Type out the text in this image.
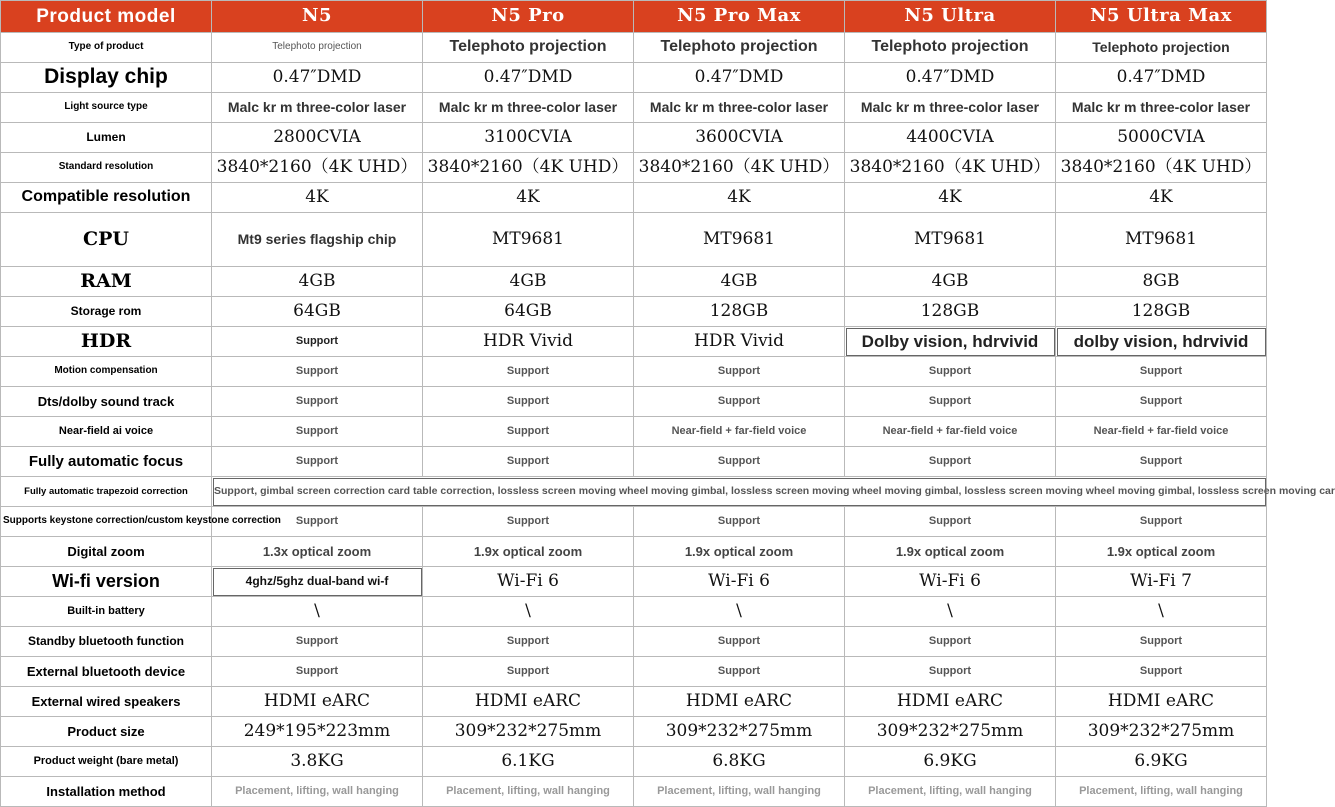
Product model	N5	N5 Pro	N5 Pro Max	N5 Ultra	N5 Ultra Max
Type of product	Telephoto projection	Telephoto projection	Telephoto projection	Telephoto projection	Telephoto projection
Display chip	0.47″DMD	0.47″DMD	0.47″DMD	0.47″DMD	0.47″DMD
Light source type	Malc kr m three-color laser	Malc kr m three-color laser	Malc kr m three-color laser	Malc kr m three-color laser	Malc kr m three-color laser
Lumen	2800CVIA	3100CVIA	3600CVIA	4400CVIA	5000CVIA
Standard resolution	3840*2160（4K UHD）	3840*2160（4K UHD）	3840*2160（4K UHD）	3840*2160（4K UHD）	3840*2160（4K UHD）
Compatible resolution	4K	4K	4K	4K	4K
CPU	Mt9 series flagship chip	MT9681	MT9681	MT9681	MT9681
RAM	4GB	4GB	4GB	4GB	8GB
Storage rom	64GB	64GB	128GB	128GB	128GB
HDR	Support	HDR Vivid	HDR Vivid	Dolby vision, hdrvivid	dolby vision, hdrvivid
Motion compensation	Support	Support	Support	Support	Support
Dts/dolby sound track	Support	Support	Support	Support	Support
Near-field ai voice	Support	Support	Near-field + far-field voice	Near-field + far-field voice	Near-field + far-field voice
Fully automatic focus	Support	Support	Support	Support	Support
Fully automatic trapezoid correction	Support, gimbal screen correction card table correction, lossless screen moving wheel moving gimbal, lossless screen moving wheel moving gimbal, lossless screen moving wheel moving gimbal, lossless screen moving car				
Supports keystone correction/custom keystone correction	Support	Support	Support	Support	Support
Digital zoom	1.3x optical zoom	1.9x optical zoom	1.9x optical zoom	1.9x optical zoom	1.9x optical zoom
Wi-fi version	4ghz/5ghz dual-band wi-f	Wi-Fi 6	Wi-Fi 6	Wi-Fi 6	Wi-Fi 7
Built-in battery	\	\	\	\	\
Standby bluetooth function	Support	Support	Support	Support	Support
External bluetooth device	Support	Support	Support	Support	Support
External wired speakers	HDMI eARC	HDMI eARC	HDMI eARC	HDMI eARC	HDMI eARC
Product size	249*195*223mm	309*232*275mm	309*232*275mm	309*232*275mm	309*232*275mm
Product weight (bare metal)	3.8KG	6.1KG	6.8KG	6.9KG	6.9KG
Installation method	Placement, lifting, wall hanging	Placement, lifting, wall hanging	Placement, lifting, wall hanging	Placement, lifting, wall hanging	Placement, lifting, wall hanging
